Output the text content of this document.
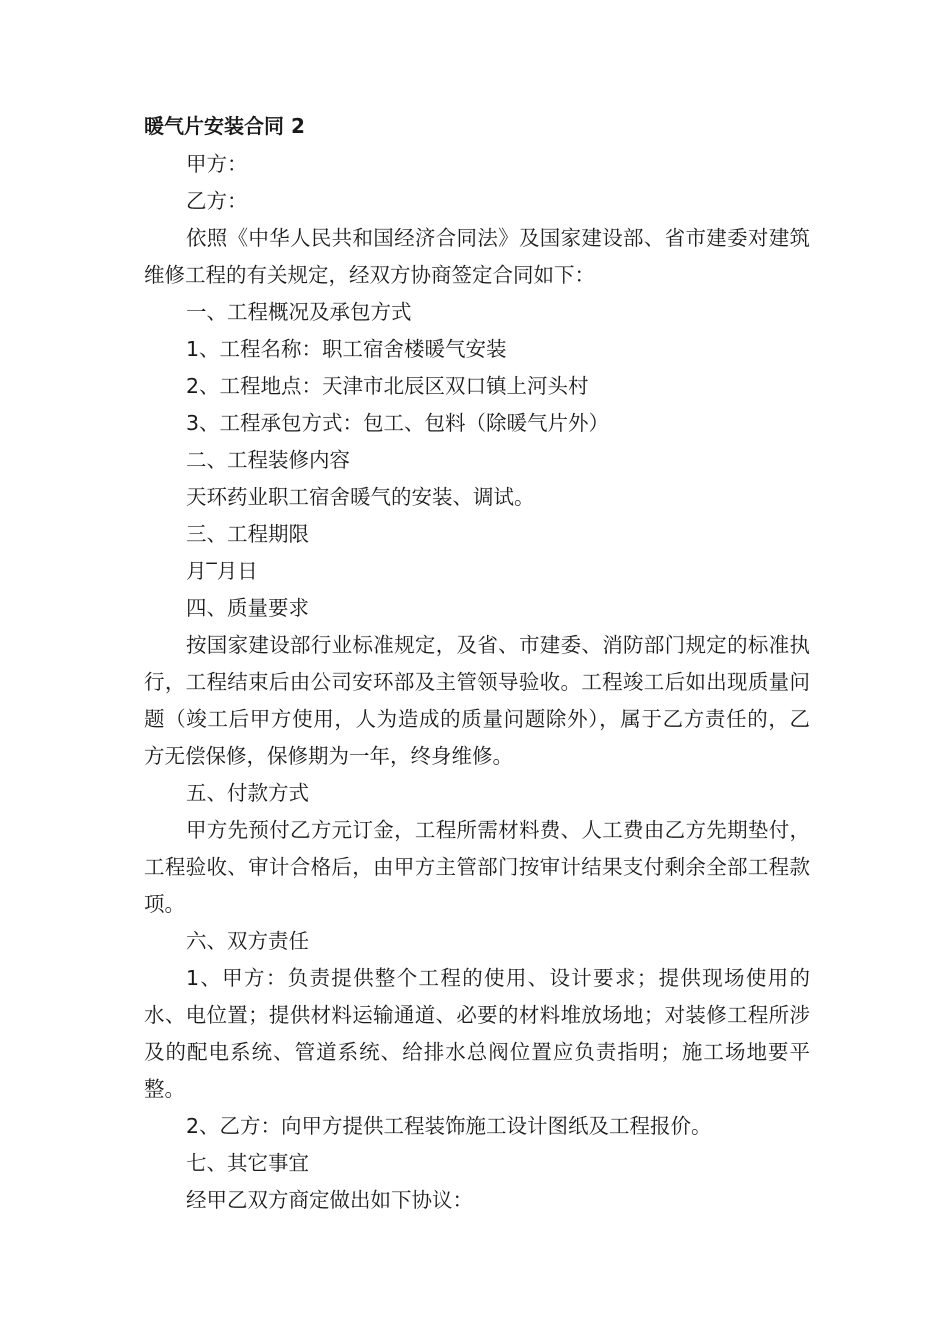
暖气片安装合同 2

甲方：

乙方：

依照《中华人民共和国经济合同法》及国家建设部、省市建委对建筑维修工程的有关规定，经双方协商签定合同如下：

一、工程概况及承包方式

1、工程名称：职工宿舍楼暖气安装

2、工程地点：天津市北辰区双口镇上河头村

3、工程承包方式：包工、包料（除暖气片外）

二、工程装修内容

天环药业职工宿舍暖气的安装、调试。

三、工程期限

月‾月日

四、质量要求

按国家建设部行业标准规定，及省、市建委、消防部门规定的标准执行，工程结束后由公司安环部及主管领导验收。工程竣工后如出现质量问题（竣工后甲方使用，人为造成的质量问题除外），属于乙方责任的，乙方无偿保修，保修期为一年，终身维修。

五、付款方式

甲方先预付乙方元订金，工程所需材料费、人工费由乙方先期垫付，工程验收、审计合格后，由甲方主管部门按审计结果支付剩余全部工程款项。

六、双方责任

1、甲方：负责提供整个工程的使用、设计要求；提供现场使用的水、电位置；提供材料运输通道、必要的材料堆放场地；对装修工程所涉及的配电系统、管道系统、给排水总阀位置应负责指明；施工场地要平整。

2、乙方：向甲方提供工程装饰施工设计图纸及工程报价。

七、其它事宜

经甲乙双方商定做出如下协议：
